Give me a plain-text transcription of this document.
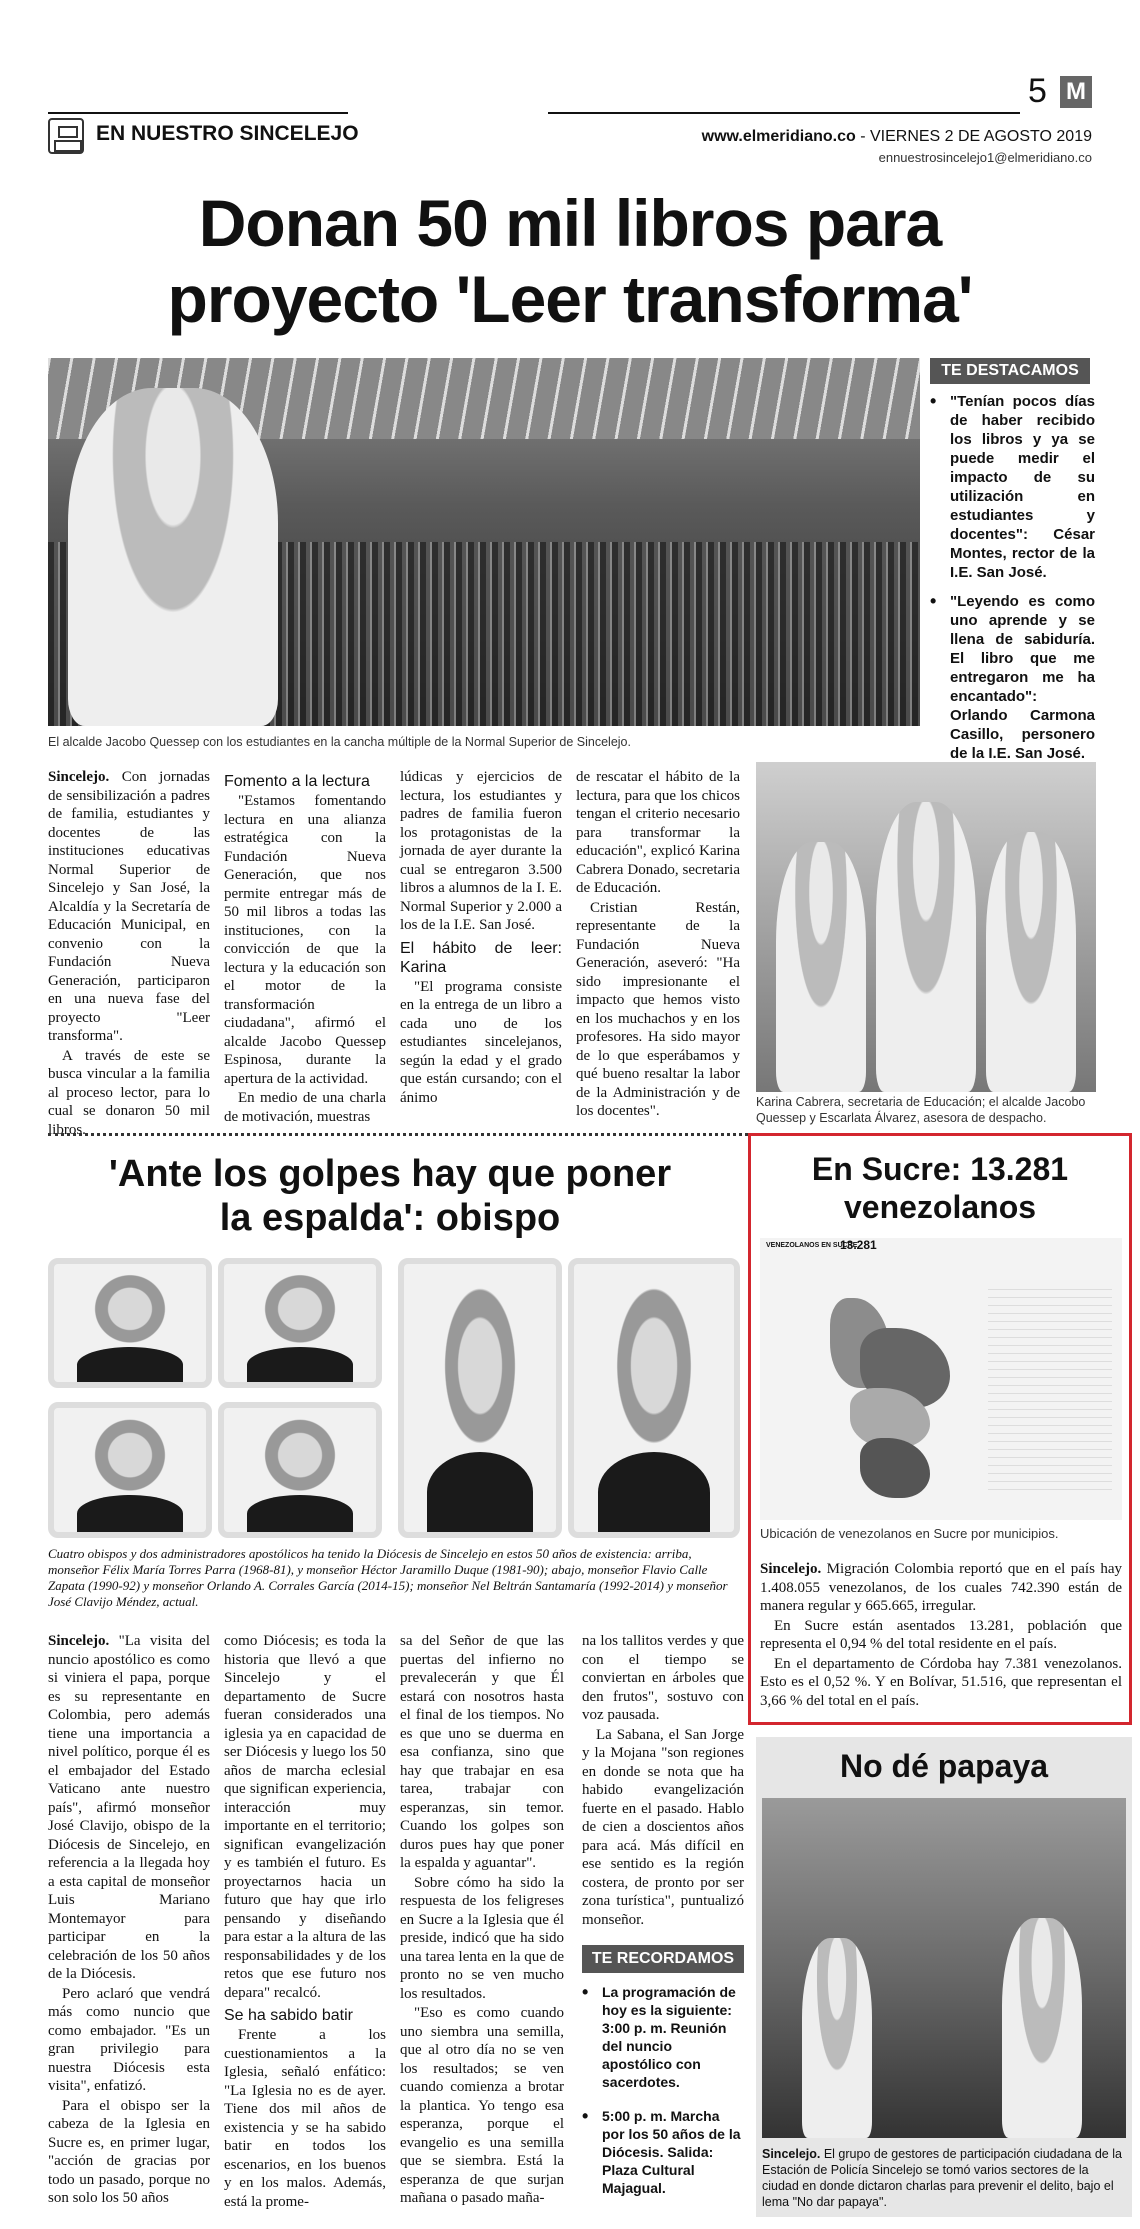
5 M
EN NUESTRO SINCELEJO	www.elmeridiano.co - VIERNES 2 DE AGOSTO 2019
ennuestrosincelejo1@elmeridiano.co
Donan 50 mil libros para
proyecto 'Leer transforma'
El alcalde Jacobo Quessep con los estudiantes en la cancha múltiple de la Normal Superior de Sincelejo.
TE DESTACAMOS
• "Tenían pocos días de haber recibido los libros y ya se puede medir el impacto de su utilización en estudiantes y docentes": César Montes, rector de la I.E. San José.
• "Leyendo es como uno aprende y se llena de sabiduría. El libro que me entregaron me ha encantado": Orlando Carmona Casillo, personero de la I.E. San José.

Sincelejo. Con jornadas de sensibilización a padres de familia, estudiantes y docentes de las instituciones educativas Normal Superior de Sincelejo y San José, la Alcaldía y la Secretaría de Educación Municipal, en convenio con la Fundación Nueva Generación, participaron en una nueva fase del proyecto "Leer transforma".

A través de este se busca vincular a la familia al proceso lector, para lo cual se donaron 50 mil libros.

Fomento a la lectura

"Estamos fomentando lectura en una alianza estratégica con la Fundación Nueva Generación, que nos permite entregar más de 50 mil libros a todas las instituciones, con la convicción de que la lectura y la educación son el motor de la transformación ciudadana", afirmó el alcalde Jacobo Quessep Espinosa, durante la apertura de la actividad.

En medio de una charla de motivación, muestras

lúdicas y ejercicios de lectura, los estudiantes y padres de familia fueron los protagonistas de la jornada de ayer durante la cual se entregaron 3.500 libros a alumnos de la I. E. Normal Superior y 2.000 a los de la I.E. San José.

El hábito de leer: Karina

"El programa consiste en la entrega de un libro a cada uno de los estudiantes sincelejanos, según la edad y el grado que están cursando; con el ánimo

de rescatar el hábito de la lectura, para que los chicos tengan el criterio necesario para transformar la educación", explicó Karina Cabrera Donado, secretaria de Educación.

Cristian Restán, representante de la Fundación Nueva Generación, aseveró: "Ha sido impresionante el impacto que hemos visto en los muchachos y en los profesores. Ha sido mayor de lo que esperábamos y qué bueno resaltar la labor de la Administración y de los docentes".

Karina Cabrera, secretaria de Educación; el alcalde Jacobo Quessep y Escarlata Álvarez, asesora de despacho.
'Ante los golpes hay que poner
la espalda': obispo
Cuatro obispos y dos administradores apostólicos ha tenido la Diócesis de Sincelejo en estos 50 años de existencia: arriba, monseñor Félix María Torres Parra (1968-81), y monseñor Héctor Jaramillo Duque (1981-90); abajo, monseñor Flavio Calle Zapata (1990-92) y monseñor Orlando A. Corrales García (2014-15); monseñor Nel Beltrán Santamaría (1992-2014) y monseñor José Clavijo Méndez, actual.

Sincelejo. "La visita del nuncio apostólico es como si viniera el papa, porque es su representante en Colombia, pero además tiene una importancia a nivel político, porque él es el embajador del Estado Vaticano ante nuestro país", afirmó monseñor José Clavijo, obispo de la Diócesis de Sincelejo, en referencia a la llegada hoy a esta capital de monseñor Luis Mariano Montemayor para participar en la celebración de los 50 años de la Diócesis.

Pero aclaró que vendrá más como nuncio que como embajador. "Es un gran privilegio para nuestra Diócesis esta visita", enfatizó.

Para el obispo ser la cabeza de la Iglesia en Sucre es, en primer lugar, "acción de gracias por todo un pasado, porque no son solo los 50 años

como Diócesis; es toda la historia que llevó a que Sincelejo y el departamento de Sucre fueran considerados una iglesia ya en capacidad de ser Diócesis y luego los 50 años de marcha eclesial que significan experiencia, interacción muy importante en el territorio; significan evangelización y es también el futuro. Es proyectarnos hacia un futuro que hay que irlo pensando y diseñando para estar a la altura de las responsabilidades y de los retos que ese futuro nos depara" recalcó.

Se ha sabido batir

Frente a los cuestionamientos a la Iglesia, señaló enfático: "La Iglesia no es de ayer. Tiene dos mil años de existencia y se ha sabido batir en todos los escenarios, en los buenos y en los malos. Además, está la prome-

sa del Señor de que las puertas del infierno no prevalecerán y que Él estará con nosotros hasta el final de los tiempos. No es que uno se duerma en esa confianza, sino que hay que trabajar en esa tarea, trabajar con esperanzas, sin temor. Cuando los golpes son duros pues hay que poner la espalda y aguantar".

Sobre cómo ha sido la respuesta de los feligreses en Sucre a la Iglesia que él preside, indicó que ha sido una tarea lenta en la que de pronto no se ven mucho los resultados.

"Eso es como cuando uno siembra una semilla, que al otro día no se ven los resultados; se ven cuando comienza a brotar la plantica. Yo tengo esa esperanza, porque el evangelio es una semilla que se siembra. Está la esperanza de que surjan mañana o pasado maña-

na los tallitos verdes y que con el tiempo se conviertan en árboles que den frutos", sostuvo con voz pausada.

La Sabana, el San Jorge y la Mojana "son regiones en donde se nota que ha habido evangelización fuerte en el pasado. Hablo de cien a doscientos años para acá. Más difícil en ese sentido es la región costera, de pronto por ser zona turística", puntualizó monseñor.

TE RECORDAMOS
• La programación de hoy es la siguiente: 3:00 p. m. Reunión del nuncio apostólico con sacerdotes.
• 5:00 p. m. Marcha por los 50 años de la Diócesis. Salida: Plaza Cultural Majagual.
En Sucre: 13.281
venezolanos
VENEZOLANOS EN SUCRE
13.281
Ubicación de venezolanos en Sucre por municipios.

Sincelejo. Migración Colombia reportó que en el país hay 1.408.055 venezolanos, de los cuales 742.390 están de manera regular y 665.665, irregular.

En Sucre están asentados 13.281, población que representa el 0,94 % del total residente en el país.

En el departamento de Córdoba hay 7.381 venezolanos. Esto es el 0,52 %. Y en Bolívar, 51.516, que representan el 3,66 % del total en el país.

No dé papaya
Sincelejo. El grupo de gestores de participación ciudadana de la Estación de Policía Sincelejo se tomó varios sectores de la ciudad en donde dictaron charlas para prevenir el delito, bajo el lema "No dar papaya".
